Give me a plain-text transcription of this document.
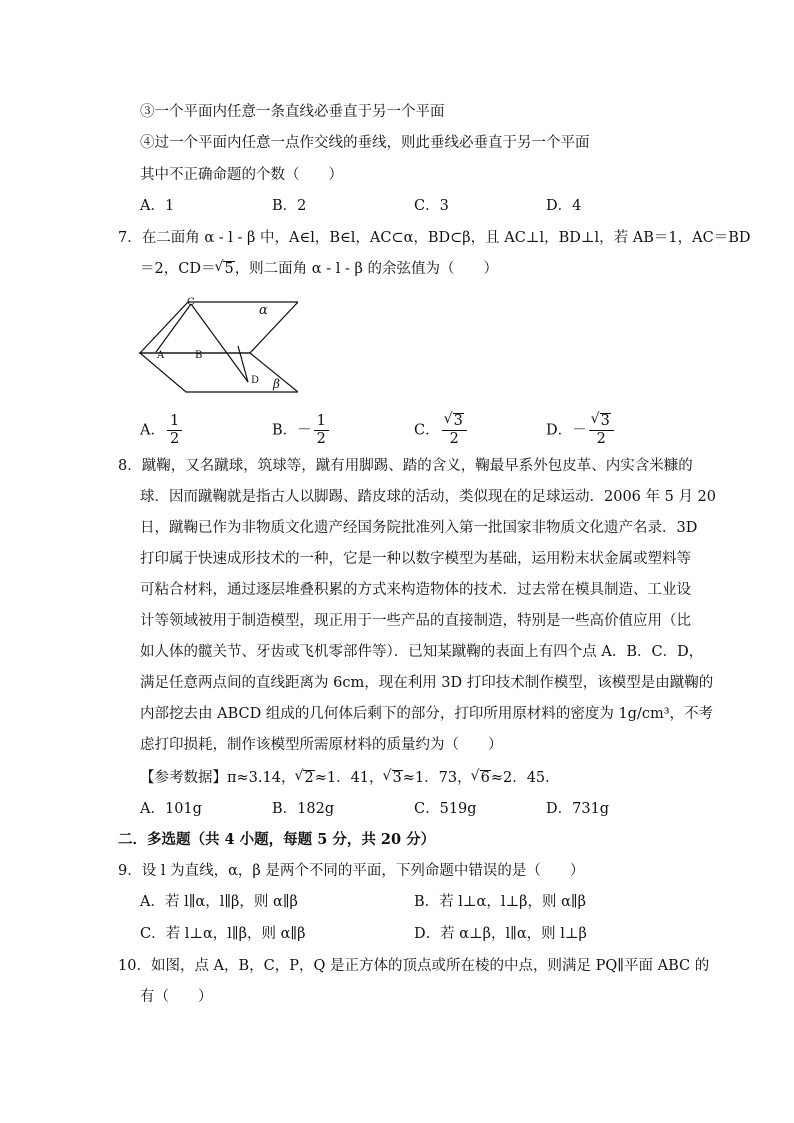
③一个平面内任意一条直线必垂直于另一个平面
④过一个平面内任意一点作交线的垂线，则此垂线必垂直于另一个平面
其中不正确命题的个数（　　）
A．1	B．2	C．3	D．4
7．在二面角 α - l - β 中，A∈l，B∈l，AC⊂α，BD⊂β，且 AC⊥l，BD⊥l，若 AB＝1，AC＝BD
＝2，CD＝ √ 5，则二面角 α - l - β 的余弦值为（　　）
C
α
A	B
D β
A． $\frac{1}{2}$	B．－ $\frac{1}{2}$	C． √ $\frac{3}{2}$	D．－ √ $\frac{3}{2}$
8．蹴鞠，又名蹴球，筑球等，蹴有用脚踢、踏的含义，鞠最早系外包皮革、内实含米糠的
球．因而蹴鞠就是指古人以脚踢、踏皮球的活动，类似现在的足球运动．2006 年 5 月 20
日，蹴鞠已作为非物质文化遗产经国务院批准列入第一批国家非物质文化遗产名录．3D
打印属于快速成形技术的一种，它是一种以数字模型为基础，运用粉末状金属或塑料等
可粘合材料，通过逐层堆叠积累的方式来构造物体的技术．过去常在模具制造、工业设
计等领域被用于制造模型，现正用于一些产品的直接制造，特别是一些高价值应用（比
如人体的髋关节、牙齿或飞机零部件等）．已知某蹴鞠的表面上有四个点 A．B．C．D，
满足任意两点间的直线距离为 6cm，现在利用 3D 打印技术制作模型，该模型是由蹴鞠的
内部挖去由 ABCD 组成的几何体后剩下的部分，打印所用原材料的密度为 1g/cm³，不考
虑打印损耗，制作该模型所需原材料的质量约为（　　）
【参考数据】π≈3.14， √ 2≈1．41， √ 3≈1．73， √ 6≈2．45．
A．101g	B．182g	C．519g	D．731g
二．多选题（共 4 小题，每题 5 分，共 20 分）
9．设 l 为直线，α，β 是两个不同的平面，下列命题中错误的是（　　）
A．若 l∥α，l∥β，则 α∥β	B．若 l⊥α，l⊥β，则 α∥β
C．若 l⊥α，l∥β，则 α∥β	D．若 α⊥β，l∥α，则 l⊥β
10．如图，点 A，B，C，P，Q 是正方体的顶点或所在棱的中点，则满足 PQ∥平面 ABC 的
有（　　）
